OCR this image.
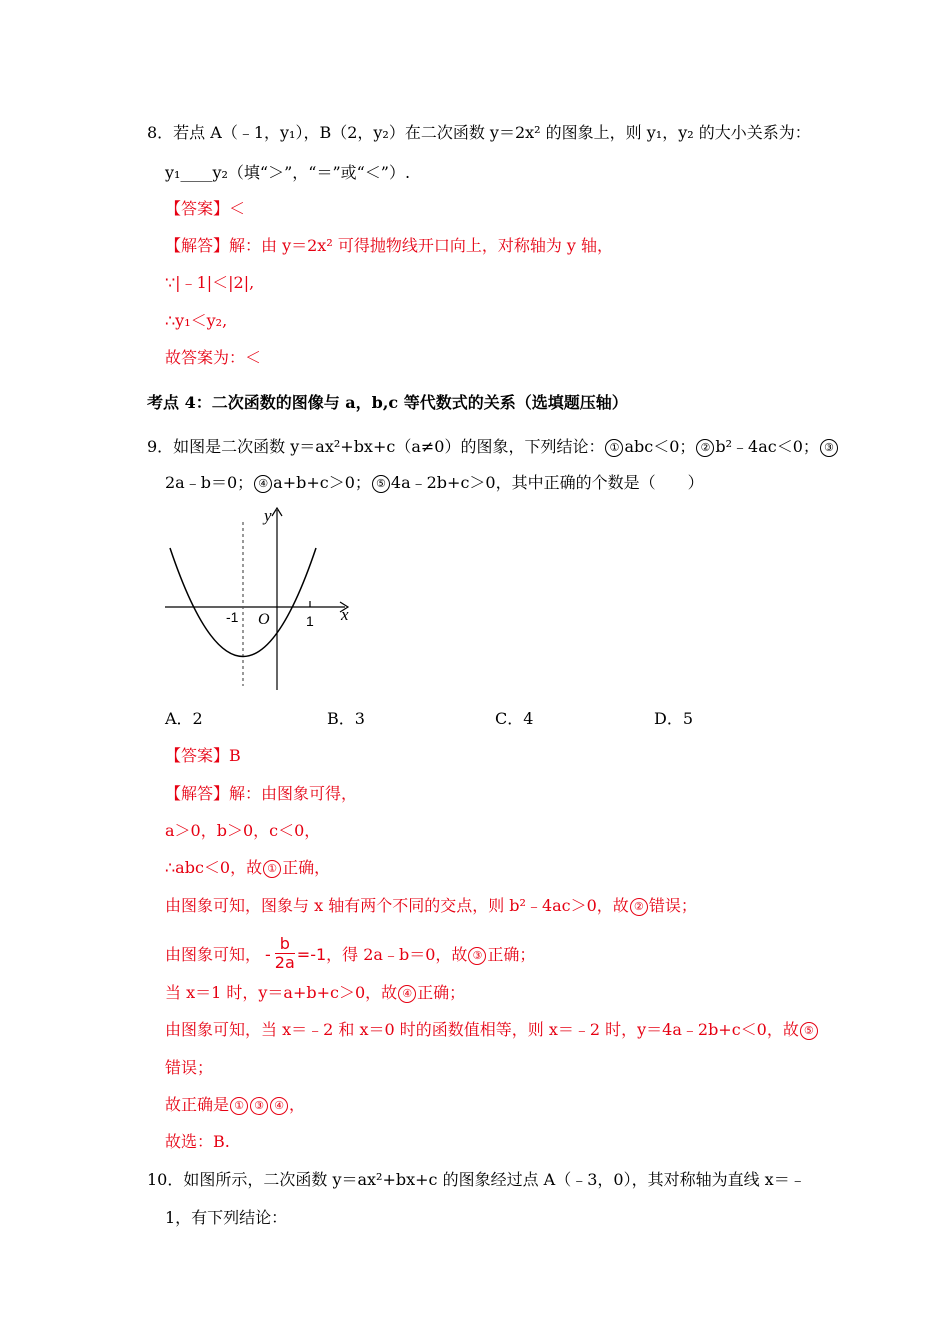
8．若点 A（﹣1，y₁），B（2，y₂）在二次函数 y＝2x² 的图象上，则 y₁，y₂ 的大小关系为：
y₁____y₂（填“＞”，“＝”或“＜”）.
【答案】＜
【解答】解：由 y＝2x² 可得抛物线开口向上，对称轴为 y 轴，
∵|﹣1|＜|2|,
∴y₁＜y₂,
故答案为：＜
考点 4：二次函数的图像与 a，b,c 等代数式的关系（选填题压轴）
9．如图是二次函数 y＝ax²+bx+c（a≠0）的图象，下列结论： ① abc＜0； ② b²﹣4ac＜0； ③
2a﹣b＝0； ④ a+b+c＞0； ⑤ 4a﹣2b+c＞0，其中正确的个数是（　　）
y
x
O
-1	1
A．2	B．3	C．4	D．5
【答案】B
【解答】解：由图象可得，
a＞0，b＞0，c＜0，
∴abc＜0，故 ① 正确，
由图象可知，图象与 x 轴有两个不同的交点，则 b²﹣4ac＞0，故 ② 错误；
由图象可知， - $\frac{b}{2a} =-1$，得 2a﹣b＝0，故 ③ 正确；
当 x＝1 时，y＝a+b+c＞0，故 ④ 正确；
由图象可知，当 x＝﹣2 和 x＝0 时的函数值相等，则 x＝﹣2 时，y＝4a﹣2b+c＜0，故 ⑤
错误；
故正确是 ① ③ ④ ，
故选：B.
10．如图所示，二次函数 y＝ax²+bx+c 的图象经过点 A（﹣3，0），其对称轴为直线 x＝﹣
1，有下列结论：
